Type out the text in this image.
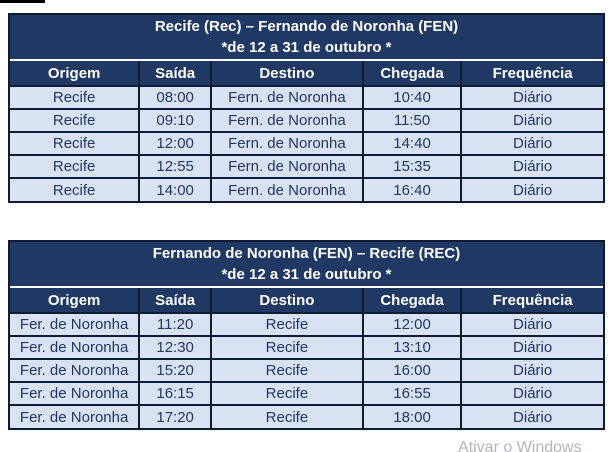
Recife (Rec) – Fernando de Noronha (FEN)
*de 12 a 31 de outubro *
Origem	Saída	Destino	Chegada	Frequência
Recife	08:00	Fern. de Noronha	10:40	Diário
Recife	09:10	Fern. de Noronha	11:50	Diário
Recife	12:00	Fern. de Noronha	14:40	Diário
Recife	12:55	Fern. de Noronha	15:35	Diário
Recife	14:00	Fern. de Noronha	16:40	Diário
Fernando de Noronha (FEN) – Recife (REC)
*de 12 a 31 de outubro *
Origem	Saída	Destino	Chegada	Frequência
Fer. de Noronha	11:20	Recife	12:00	Diário
Fer. de Noronha	12:30	Recife	13:10	Diário
Fer. de Noronha	15:20	Recife	16:00	Diário
Fer. de Noronha	16:15	Recife	16:55	Diário
Fer. de Noronha	17:20	Recife	18:00	Diário
Ativar o Windows
